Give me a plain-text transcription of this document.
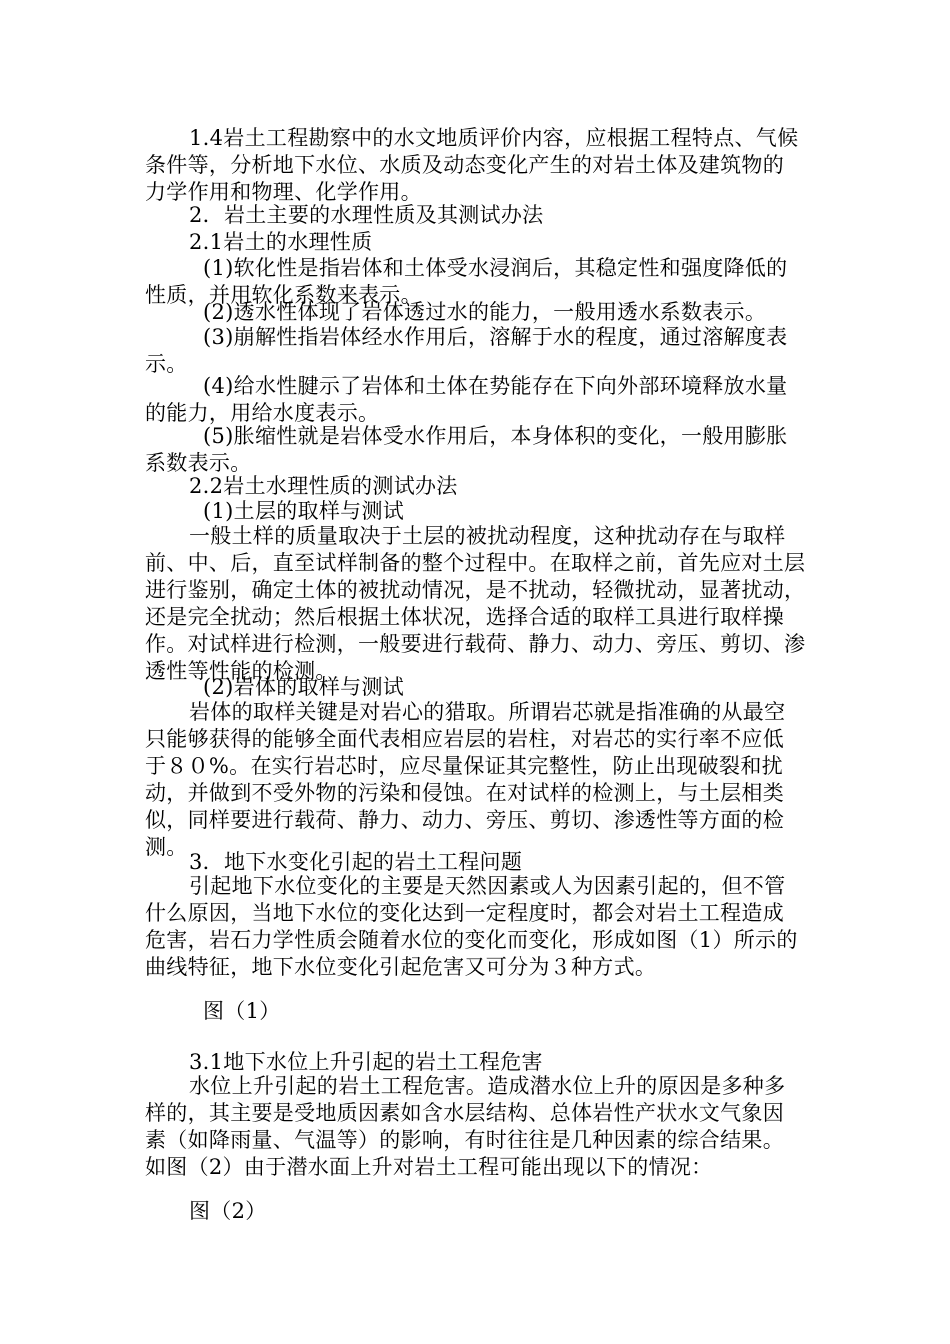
1.4岩土工程勘察中的水文地质评价内容，应根据工程特点、气候条件等，分析地下水位、水质及动态变化产生的对岩土体及建筑物的力学作用和物理、化学作用。

2．岩土主要的水理性质及其测试办法

2.1岩土的水理性质

(1)软化性是指岩体和土体受水浸润后，其稳定性和强度降低的性质，并用软化系数来表示。

(2)透水性体现了岩体透过水的能力，一般用透水系数表示。

(3)崩解性指岩体经水作用后，溶解于水的程度，通过溶解度表示。

(4)给水性腱示了岩体和土体在势能存在下向外部环境释放水量的能力，用给水度表示。

(5)胀缩性就是岩体受水作用后，本身体积的变化，一般用膨胀系数表示。

2.2岩土水理性质的测试办法

(1)土层的取样与测试

一般土样的质量取决于土层的被扰动程度，这种扰动存在与取样前、中、后，直至试样制备的整个过程中。在取样之前，首先应对土层进行鉴别，确定土体的被扰动情况，是不扰动，轻微扰动，显著扰动，还是完全扰动；然后根据土体状况，选择合适的取样工具进行取样操作。对试样进行检测，一般要进行载荷、静力、动力、旁压、剪切、渗透性等性能的检测。

(2)岩体的取样与测试

岩体的取样关键是对岩心的猎取。所谓岩芯就是指准确的从最空只能够获得的能够全面代表相应岩层的岩柱，对岩芯的实行率不应低于８０%。在实行岩芯时，应尽量保证其完整性，防止出现破裂和扰动，并做到不受外物的污染和侵蚀。在对试样的检测上，与土层相类似，同样要进行载荷、静力、动力、旁压、剪切、渗透性等方面的检测。

3．地下水变化引起的岩土工程问题

引起地下水位变化的主要是天然因素或人为因素引起的，但不管什么原因，当地下水位的变化达到一定程度时，都会对岩土工程造成危害，岩石力学性质会随着水位的变化而变化，形成如图（1）所示的曲线特征，地下水位变化引起危害又可分为３种方式。

图（1）

3.1地下水位上升引起的岩土工程危害

水位上升引起的岩土工程危害。造成潜水位上升的原因是多种多样的，其主要是受地质因素如含水层结构、总体岩性产状水文气象因素（如降雨量、气温等）的影响，有时往往是几种因素的综合结果。如图（2）由于潜水面上升对岩土工程可能出现以下的情况：

图（2）
